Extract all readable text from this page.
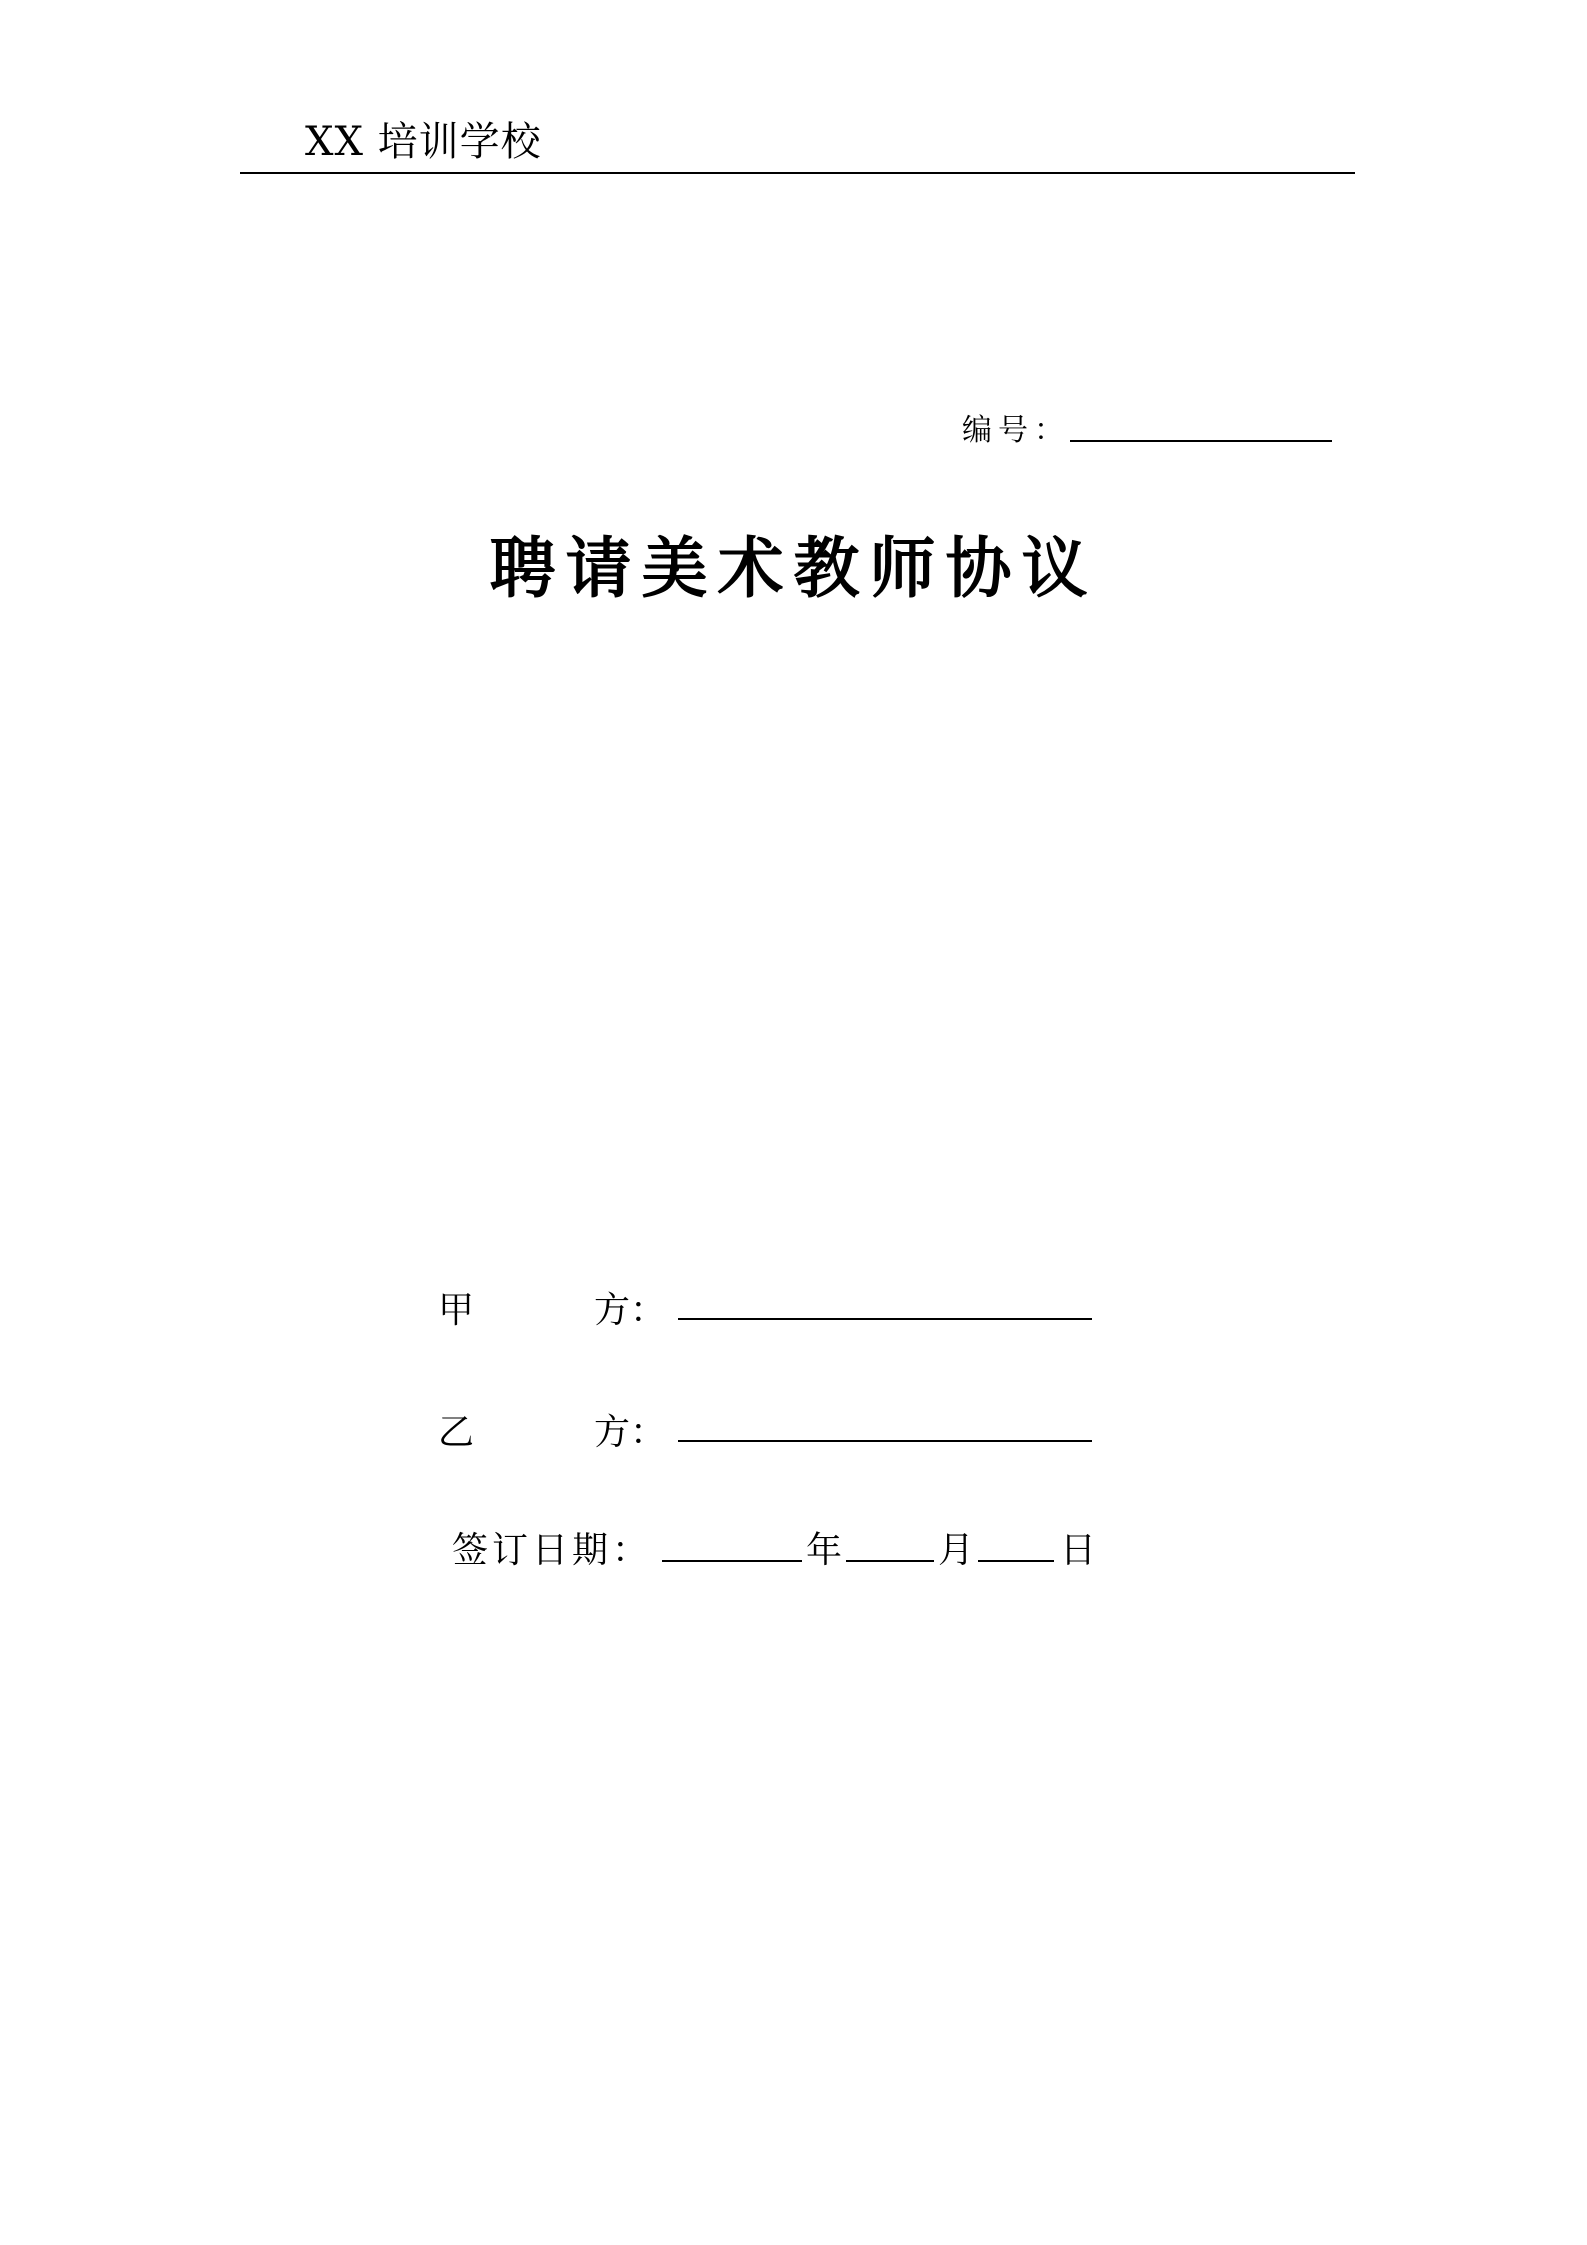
XX 培训学校
编号：
聘请美术教师协议
甲	方：
乙	方：
签订日期：	年	月 日
